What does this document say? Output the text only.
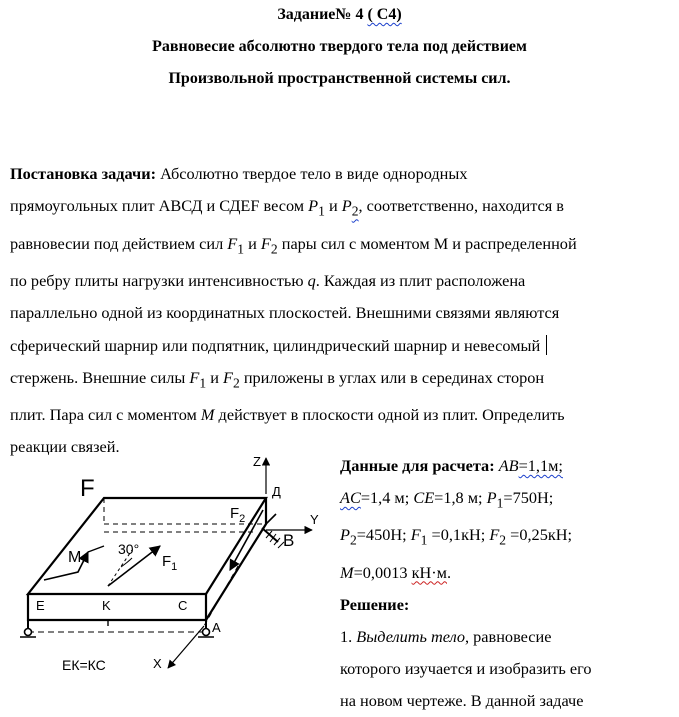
Задание№ 4 ( С4)
Равновесие абсолютно твердого тела под действием
Произвольной пространственной системы сил.
Постановка задачи: Абсолютно твердое тело в виде однородных
прямоугольных плит АВСД и СДЕF весом $P_1$ и $P_2$, соответственно, находится в
равновесии под действием сил $F_1$ и $F_2$ пары сил с моментом М и распределенной
по ребру плиты нагрузки интенсивностью q. Каждая из плит расположена
параллельно одной из координатных плоскостей. Внешними связями являются
сферический шарнир или подпятник, цилиндрический шарнир и невесомый
стержень. Внешние силы $F_1$ и $F_2$ приложены в углах или в серединах сторон
плит. Пара сил с моментом M действует в плоскости одной из плит. Определить
реакции связей.
Z
Y
X
F	Д
B
E	K	C
A
M	30°
$F_1$
$F_2$
ЕК=КС
Данные для расчета: AB=1,1м;
AC=1,4 м; CE=1,8 м; $P_1=750Н$;
$P_2=450Н$; $F_1 =0,1кН$; $F_2 =0,25кН$;
M=0,0013 кН·м.
Решение:
1. Выделить тело, равновесие
которого изучается и изобразить его
на новом чертеже. В данной задаче
